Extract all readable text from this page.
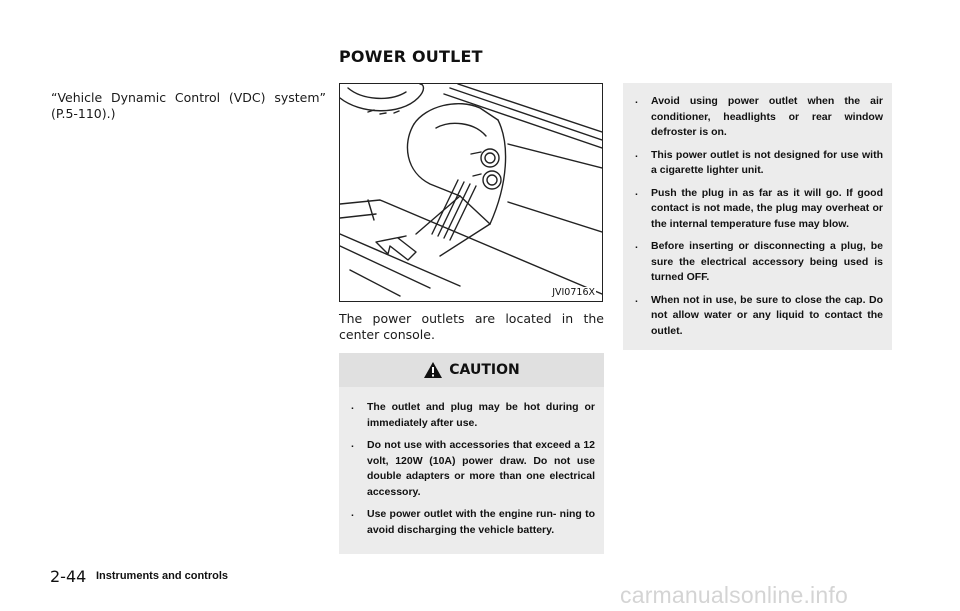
POWER OUTLET
“Vehicle Dynamic Control (VDC) system” (P.5-110).)
JVI0716X
The power outlets are located in the center console.
CAUTION
. The outlet and plug may be hot during or immediately after use.
. Do not use with accessories that exceed a 12 volt, 120W (10A) power draw. Do not use double adapters or more than one electrical accessory.
. Use power outlet with the engine run- ning to avoid discharging the vehicle battery.
. Avoid using power outlet when the air conditioner, headlights or rear window defroster is on.
. This power outlet is not designed for use with a cigarette lighter unit.
. Push the plug in as far as it will go. If good contact is not made, the plug may overheat or the internal temperature fuse may blow.
. Before inserting or disconnecting a plug, be sure the electrical accessory being used is turned OFF.
. When not in use, be sure to close the cap. Do not allow water or any liquid to contact the outlet.
2-44 Instruments and controls
carmanualsonline.info
